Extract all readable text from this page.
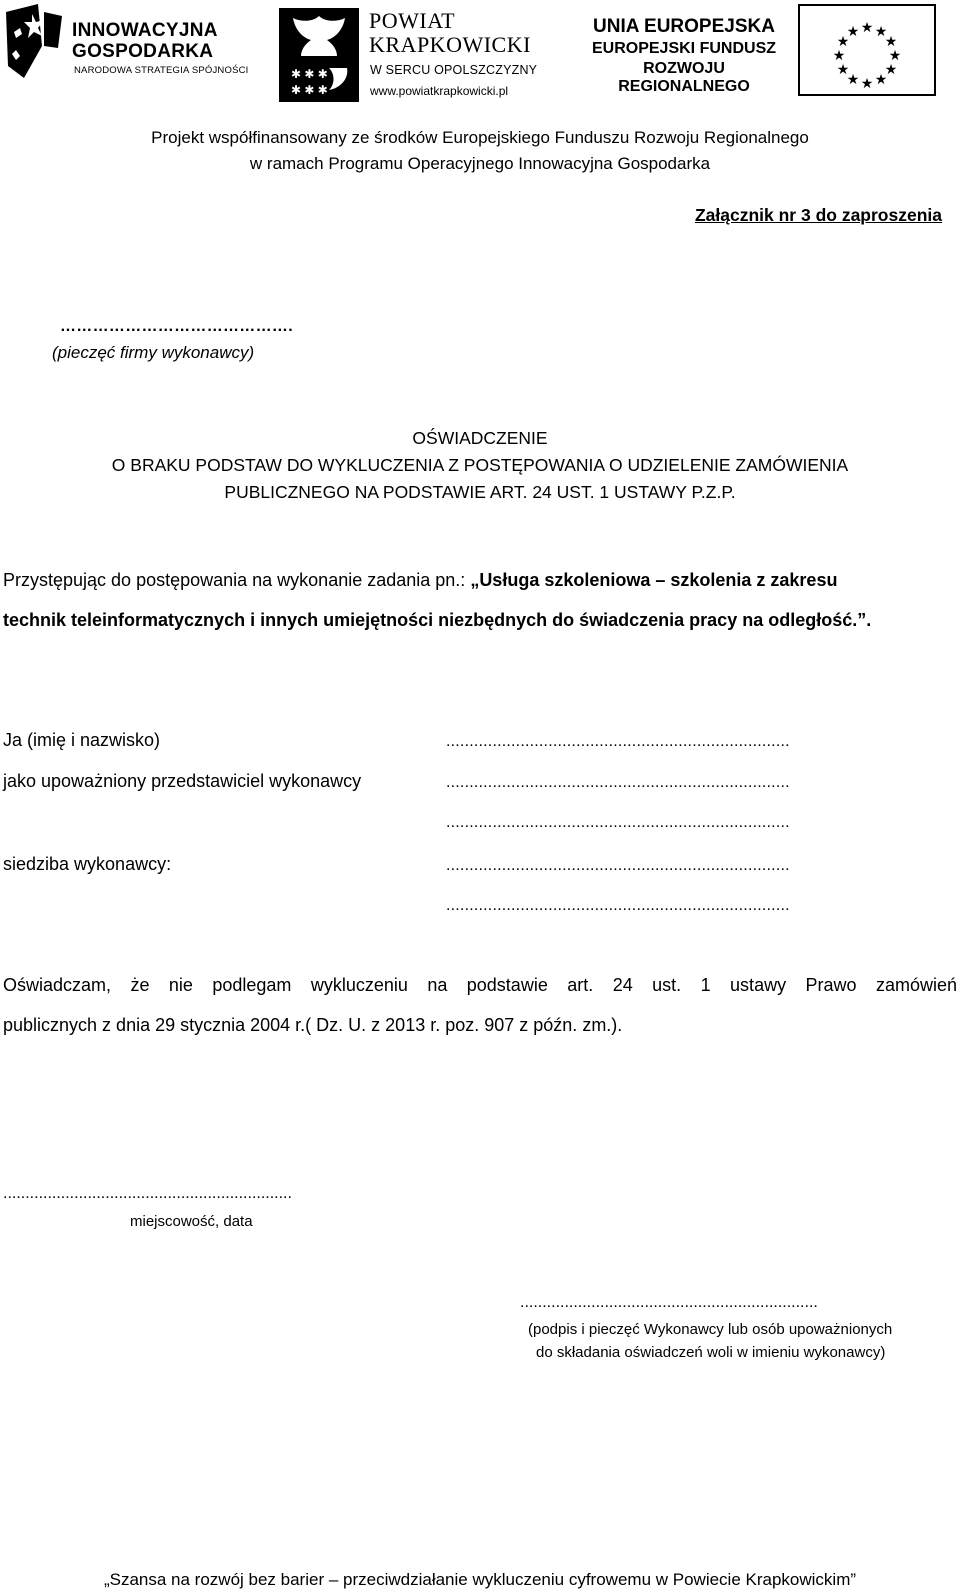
INNOWACYJNA
GOSPODARKA
NARODOWA STRATEGIA SPÓJNOŚCI	✱ ✱ ✱
✱ ✱ ✱
POWIAT
KRAPKOWICKI
W SERCU OPOLSZCZYZNY
www.powiatkrapkowicki.pl
UNIA EUROPEJSKA
EUROPEJSKI FUNDUSZ
ROZWOJU REGIONALNEGO
★ ★
★
★
★
★
★
★
★
★
★
★
Projekt współfinansowany ze środków Europejskiego Funduszu Rozwoju Regionalnego
w ramach Programu Operacyjnego Innowacyjna Gospodarka
Załącznik nr 3 do zaproszenia
…………………………………….
(pieczęć firmy wykonawcy)
OŚWIADCZENIE
O BRAKU PODSTAW DO WYKLUCZENIA Z POSTĘPOWANIA O UDZIELENIE ZAMÓWIENIA
PUBLICZNEGO NA PODSTAWIE ART. 24 UST. 1 USTAWY P.Z.P.
Przystępując do postępowania na wykonanie zadania pn.: „Usługa szkoleniowa – szkolenia z zakresu
technik teleinformatycznych i innych umiejętności niezbędnych do świadczenia pracy na odległość.”.
Ja (imię i nazwisko)	..........................................................................
jako upoważniony przedstawiciel wykonawcy	..........................................................................
..........................................................................
siedziba wykonawcy:	..........................................................................
..........................................................................
Oświadczam, że nie podlegam wykluczeniu na podstawie art. 24 ust. 1 ustawy Prawo zamówień
publicznych z dnia 29 stycznia 2004 r.( Dz. U. z 2013 r. poz. 907 z późn. zm.).
.................................................................
miejscowość, data
...................................................................
(podpis i pieczęć Wykonawcy lub osób upoważnionych
do składania oświadczeń woli w imieniu wykonawcy)
„Szansa na rozwój bez barier – przeciwdziałanie wykluczeniu cyfrowemu w Powiecie Krapkowickim”
